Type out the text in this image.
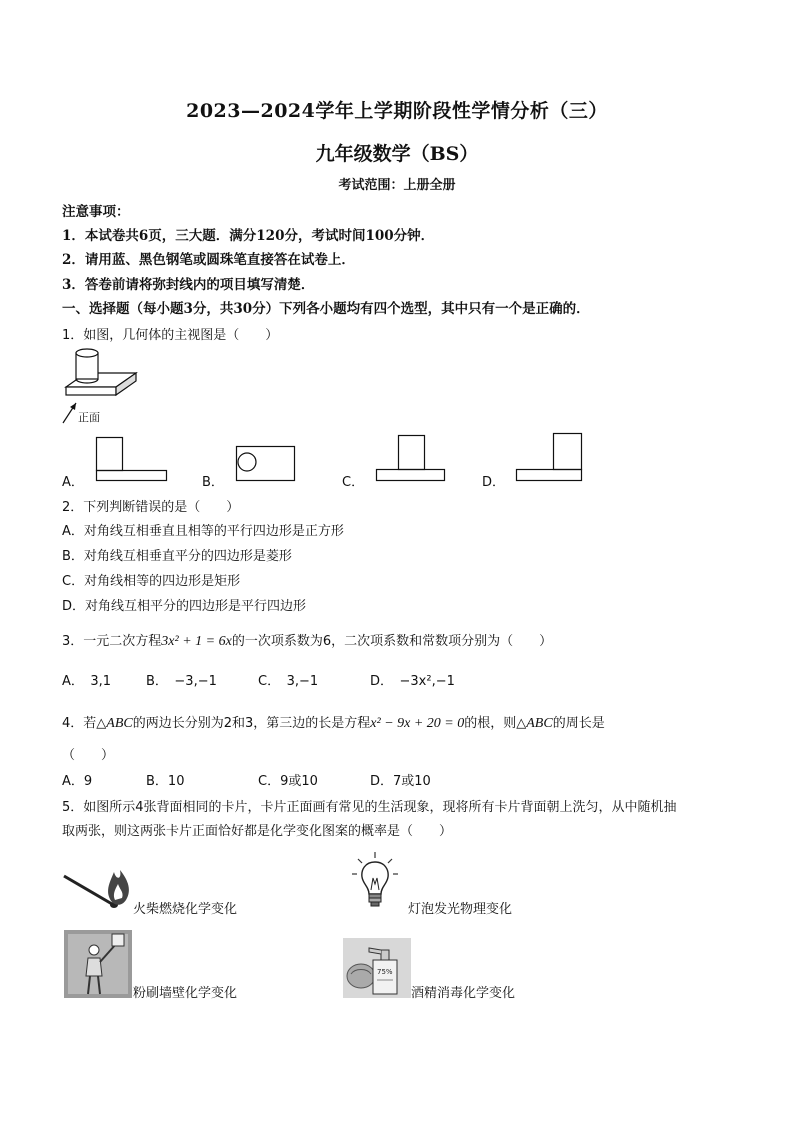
2023—2024学年上学期阶段性学情分析（三）
九年级数学（BS）
考试范围：上册全册
注意事项：
1．本试卷共6页，三大题．满分120分，考试时间100分钟．
2．请用蓝、黑色钢笔或圆珠笔直接答在试卷上．
3．答卷前请将弥封线内的项目填写清楚．
一、选择题（每小题3分，共30分）下列各小题均有四个选型，其中只有一个是正确的．
1．如图，几何体的主视图是（　　）
正面
A．	B．	C．	D．
2．下列判断错误的是（　　）
A．对角线互相垂直且相等的平行四边形是正方形
B．对角线互相垂直平分的四边形是菱形
C．对角线相等的四边形是矩形
D．对角线互相平分的四边形是平行四边形
3．一元二次方程3x² + 1 = 6x的一次项系数为6，二次项系数和常数项分别为（　　）
A．　3,1	B．　−3,−1	C．　3,−1	D．　−3x²,−1
4．若△ABC的两边长分别为2和3，第三边的长是方程x² − 9x + 20 = 0的根，则△ABC的周长是
（　　）
A．9	B．10	C．9或10	D．7或10
5．如图所示4张背面相同的卡片，卡片正面画有常见的生活现象，现将所有卡片背面朝上洗匀，从中随机抽
取两张，则这两张卡片正面恰好都是化学变化图案的概率是（　　）
火柴燃烧化学变化	灯泡发光物理变化
粉刷墙壁化学变化
75%
酒精消毒化学变化
